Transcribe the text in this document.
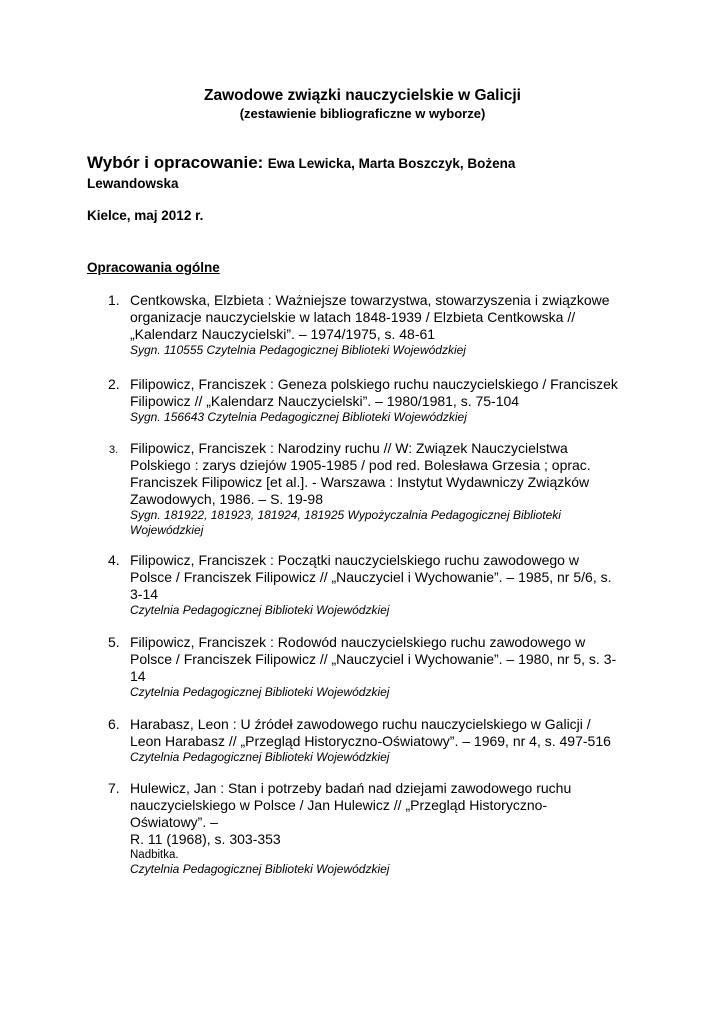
Zawodowe związki nauczycielskie w Galicji
(zestawienie bibliograficzne w wyborze)
Wybór i opracowanie: Ewa Lewicka, Marta Boszczyk, Bożena
Lewandowska
Kielce, maj 2012 r.
Opracowania ogólne
1. Centkowska, Elzbieta : Ważniejsze towarzystwa, stowarzyszenia i związkowe
organizacje nauczycielskie w latach 1848-1939 / Elzbieta Centkowska //
„Kalendarz Nauczycielski”. – 1974/1975, s. 48-61
Sygn. 110555 Czytelnia Pedagogicznej Biblioteki Wojewódzkiej
2. Filipowicz, Franciszek : Geneza polskiego ruchu nauczycielskiego / Franciszek
Filipowicz // „Kalendarz Nauczycielski”. – 1980/1981, s. 75-104
Sygn. 156643 Czytelnia Pedagogicznej Biblioteki Wojewódzkiej
3. Filipowicz, Franciszek : Narodziny ruchu // W: Związek Nauczycielstwa
Polskiego : zarys dziejów 1905-1985 / pod red. Bolesława Grzesia ; oprac.
Franciszek Filipowicz [et al.]. - Warszawa : Instytut Wydawniczy Związków
Zawodowych, 1986. – S. 19-98
Sygn. 181922, 181923, 181924, 181925 Wypożyczalnia Pedagogicznej Biblioteki
Wojewódzkiej
4. Filipowicz, Franciszek : Początki nauczycielskiego ruchu zawodowego w
Polsce / Franciszek Filipowicz // „Nauczyciel i Wychowanie”. – 1985, nr 5/6, s.
3-14
Czytelnia Pedagogicznej Biblioteki Wojewódzkiej
5. Filipowicz, Franciszek : Rodowód nauczycielskiego ruchu zawodowego w
Polsce / Franciszek Filipowicz // „Nauczyciel i Wychowanie”. – 1980, nr 5, s. 3-
14
Czytelnia Pedagogicznej Biblioteki Wojewódzkiej
6. Harabasz, Leon : U źródeł zawodowego ruchu nauczycielskiego w Galicji /
Leon Harabasz // „Przegląd Historyczno-Oświatowy”. – 1969, nr 4, s. 497-516
Czytelnia Pedagogicznej Biblioteki Wojewódzkiej
7. Hulewicz, Jan : Stan i potrzeby badań nad dziejami zawodowego ruchu
nauczycielskiego w Polsce / Jan Hulewicz // „Przegląd Historyczno-
Oświatowy”. –
R. 11 (1968), s. 303-353
Nadbitka.
Czytelnia Pedagogicznej Biblioteki Wojewódzkiej
